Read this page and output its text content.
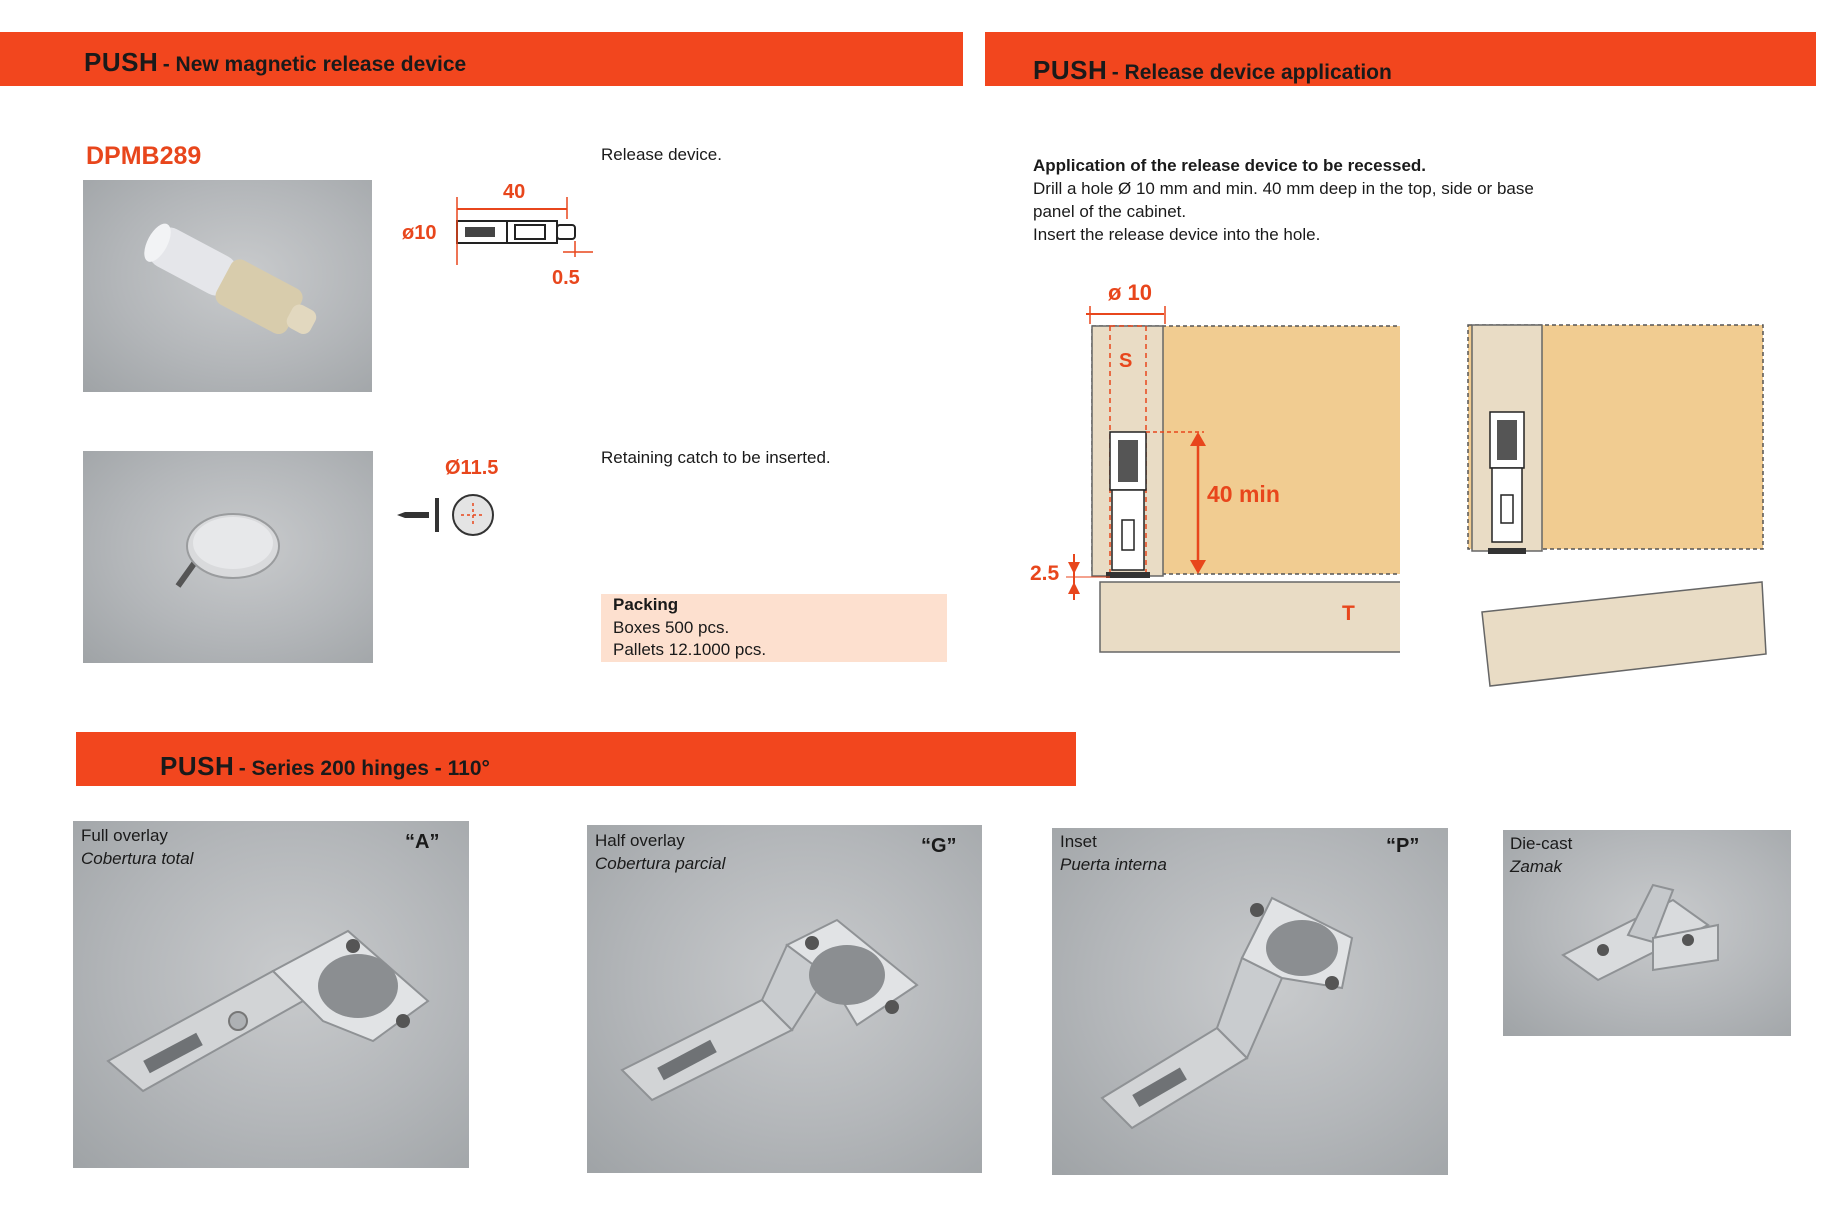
PUSH - New magnetic release device	PUSH - Release device application
PUSH - Series 200 hinges - 110°
DPMB289
40
ø10
0.5
Ø11.5
Release device.
Retaining catch to be inserted.
Packing
Boxes 500 pcs.
Pallets 12.1000 pcs.
Application of the release device to be recessed.
Drill a hole Ø 10 mm and min. 40 mm deep in the top, side or base
panel of the cabinet.
Insert the release device into the hole.
ø 10
S
40 min
2.5
T
Full overlay
Cobertura total
“A”	Half overlay
Cobertura parcial
“G”	Inset
Puerta interna
“P”	Die-cast
Zamak
